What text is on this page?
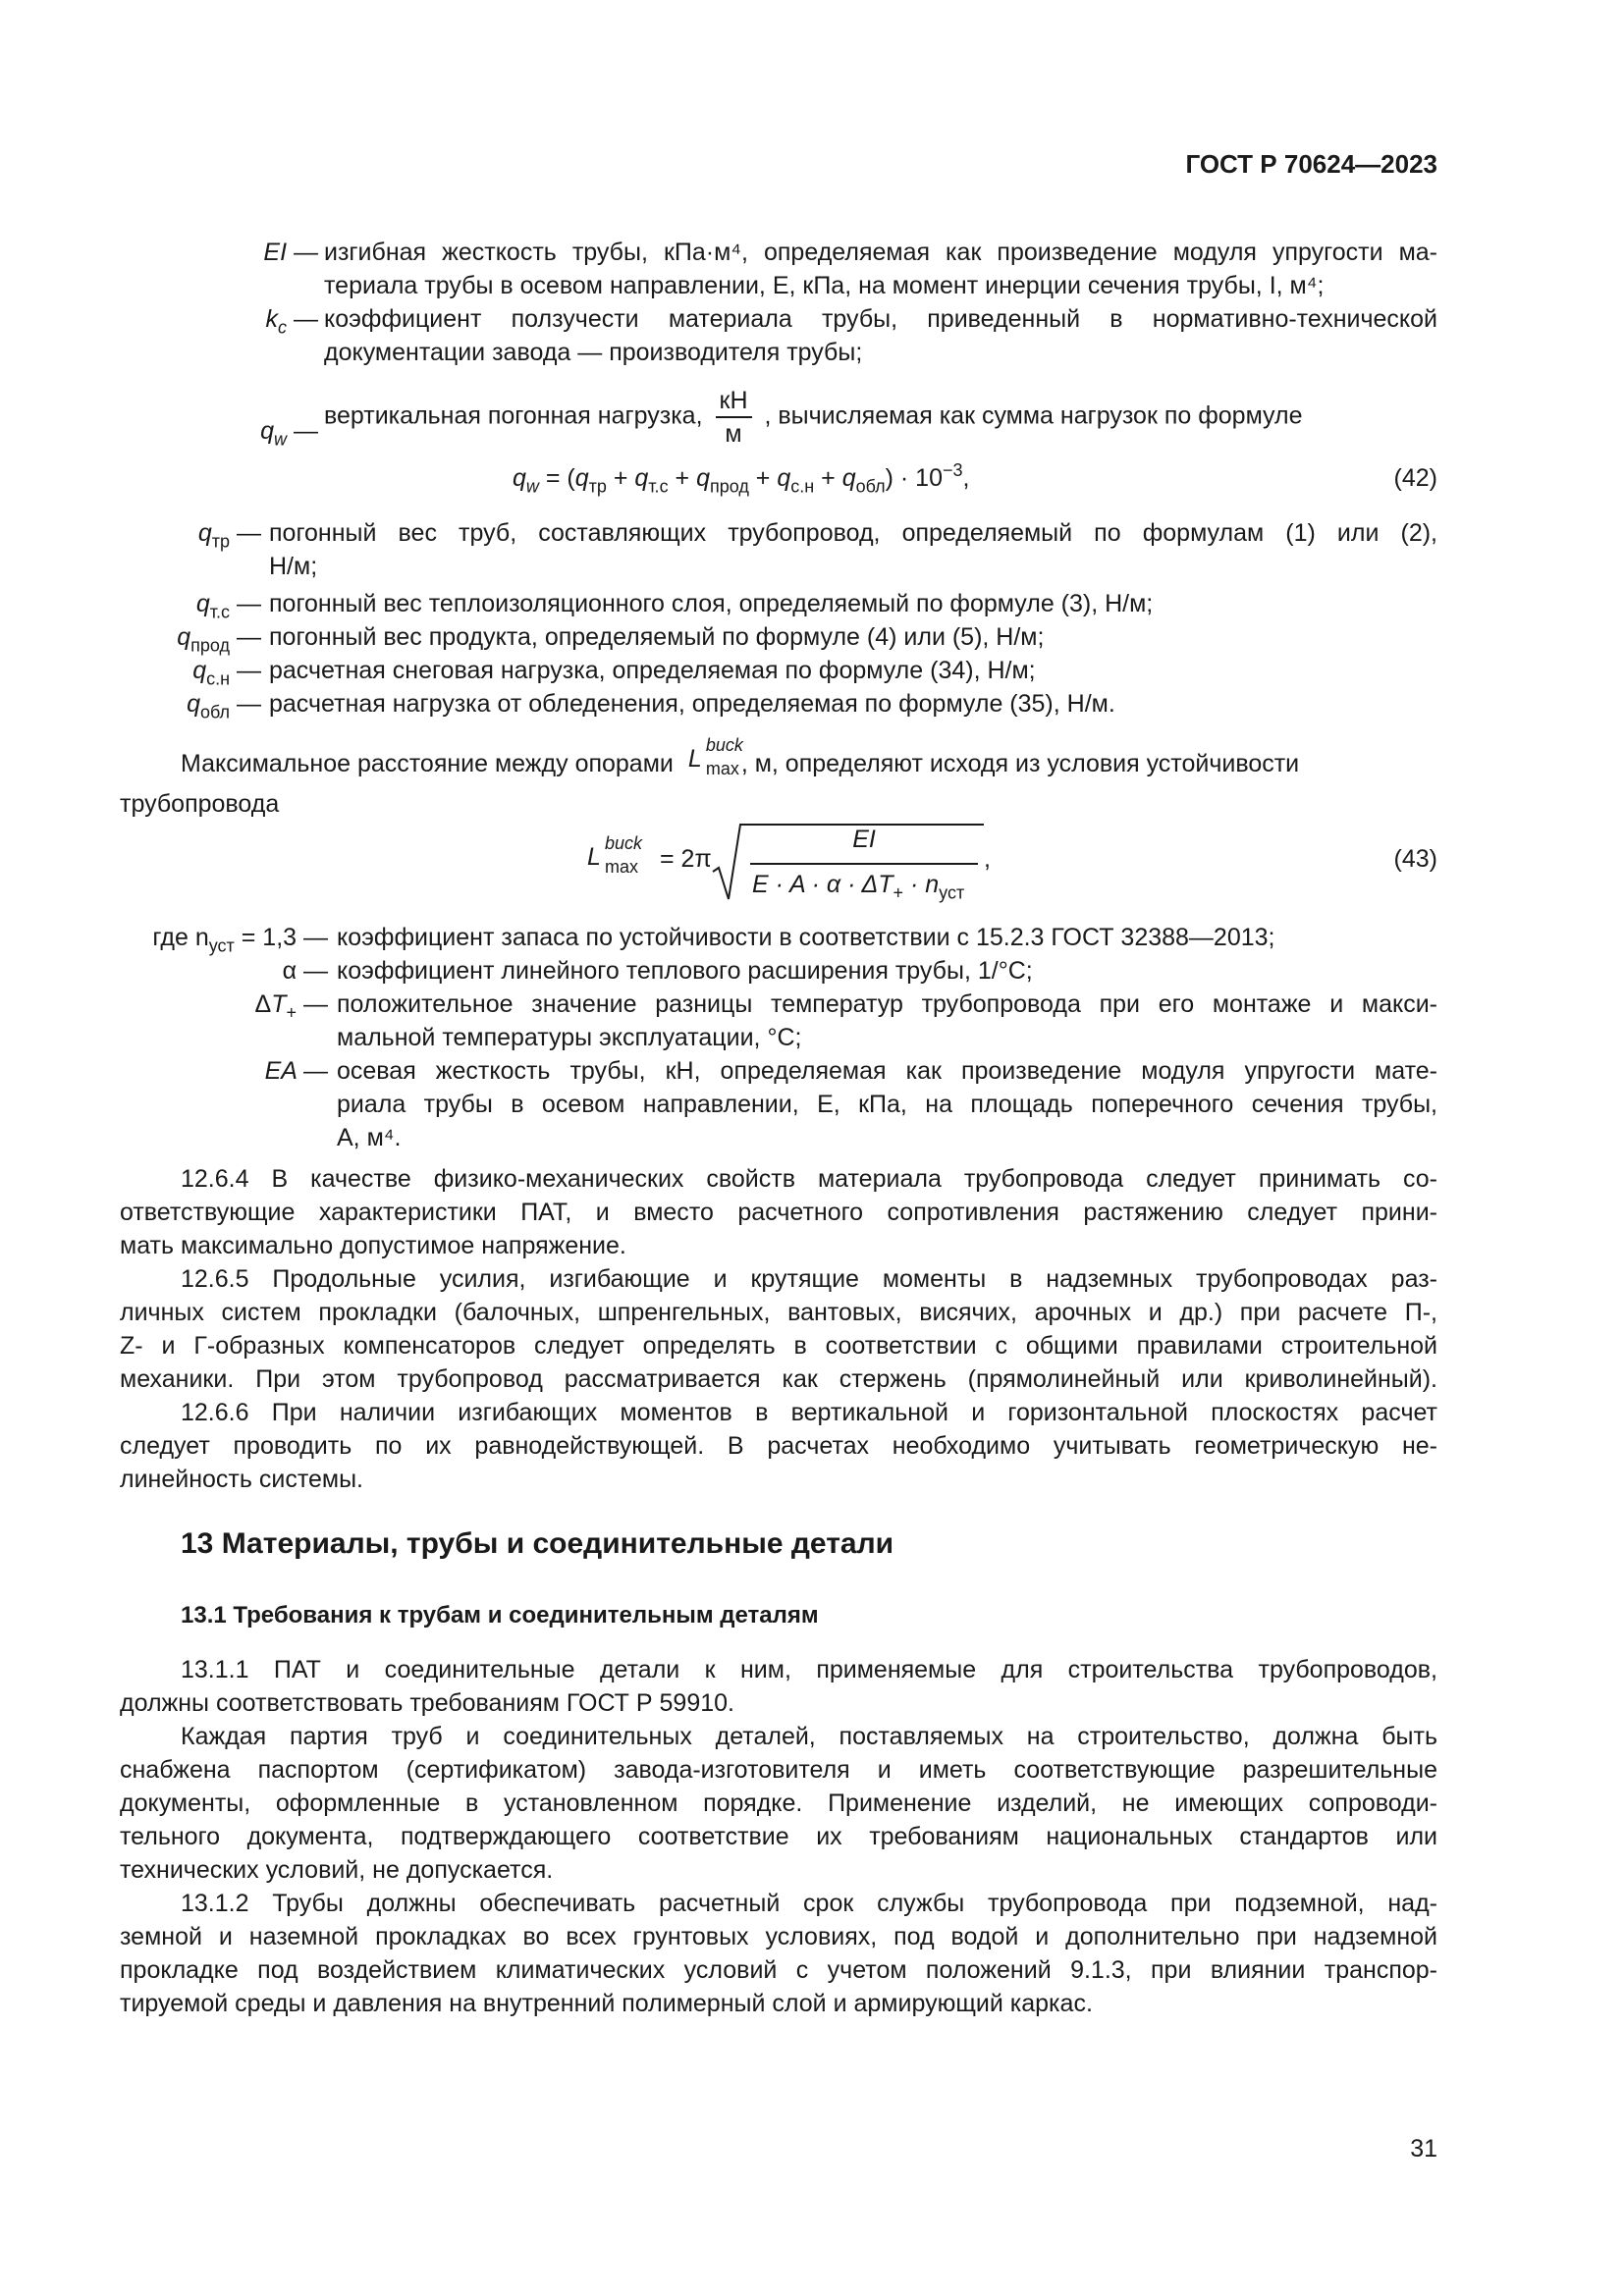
ГОСТ Р 70624—2023
EI — изгибная жесткость трубы, кПа·м⁴, определяемая как произведение модуля упругости ма-
териала трубы в осевом направлении, E, кПа, на момент инерции сечения трубы, I, м⁴;
$k_c$ — коэффициент ползучести материала трубы, приведенный в нормативно-технической
документации завода — производителя трубы;
$q_w$ —
вертикальная погонная нагрузка, $\frac{кН}{м}$ , вычисляемая как сумма нагрузок по формуле
$q_w = (q_{тр} + q_{т.с} + q_{прод} + q_{с.н} + q_{обл}) \cdot 10^{-3}$,	(42)
$q_{тр}$ — погонный вес труб, составляющих трубопровод, определяемый по формулам (1) или (2),
Н/м;
$q_{т.с}$ — погонный вес теплоизоляционного слоя, определяемый по формуле (3), Н/м;
$q_{прод}$ — погонный вес продукта, определяемый по формуле (4) или (5), Н/м;
$q_{с.н}$ — расчетная снеговая нагрузка, определяемая по формуле (34), Н/м;
$q_{обл}$ — расчетная нагрузка от обледенения, определяемая по формуле (35), Н/м.
Максимальное расстояние между опорами L buck
max , м, определяют исходя из условия устойчивости
трубопровода
L buck
max = 2π
EI
$E \cdot A \cdot \alpha \cdot \Delta T_+ \cdot n_{уст}$
,	(43)
где $n_{уст} = 1,3$ — коэффициент запаса по устойчивости в соответствии с 15.2.3 ГОСТ 32388—2013;
α — коэффициент линейного теплового расширения трубы, 1/°C;
$\Delta T_+$ — положительное значение разницы температур трубопровода при его монтаже и макси-
мальной температуры эксплуатации, °C;
EA — осевая жесткость трубы, кН, определяемая как произведение модуля упругости мате-
риала трубы в осевом направлении, E, кПа, на площадь поперечного сечения трубы,
A, м⁴.
12.6.4 В качестве физико-механических свойств материала трубопровода следует принимать со-
ответствующие характеристики ПАТ, и вместо расчетного сопротивления растяжению следует прини-
мать максимально допустимое напряжение.
12.6.5 Продольные усилия, изгибающие и крутящие моменты в надземных трубопроводах раз-
личных систем прокладки (балочных, шпренгельных, вантовых, висячих, арочных и др.) при расчете П-,
Z- и Г-образных компенсаторов следует определять в соответствии с общими правилами строительной
механики. При этом трубопровод рассматривается как стержень (прямолинейный или криволинейный).
12.6.6 При наличии изгибающих моментов в вертикальной и горизонтальной плоскостях расчет
следует проводить по их равнодействующей. В расчетах необходимо учитывать геометрическую не-
линейность системы.
13 Материалы, трубы и соединительные детали
13.1 Требования к трубам и соединительным деталям
13.1.1 ПАТ и соединительные детали к ним, применяемые для строительства трубопроводов,
должны соответствовать требованиям ГОСТ Р 59910.
Каждая партия труб и соединительных деталей, поставляемых на строительство, должна быть
снабжена паспортом (сертификатом) завода-изготовителя и иметь соответствующие разрешительные
документы, оформленные в установленном порядке. Применение изделий, не имеющих сопроводи-
тельного документа, подтверждающего соответствие их требованиям национальных стандартов или
технических условий, не допускается.
13.1.2 Трубы должны обеспечивать расчетный срок службы трубопровода при подземной, над-
земной и наземной прокладках во всех грунтовых условиях, под водой и дополнительно при надземной
прокладке под воздействием климатических условий с учетом положений 9.1.3, при влиянии транспор-
тируемой среды и давления на внутренний полимерный слой и армирующий каркас.
31
